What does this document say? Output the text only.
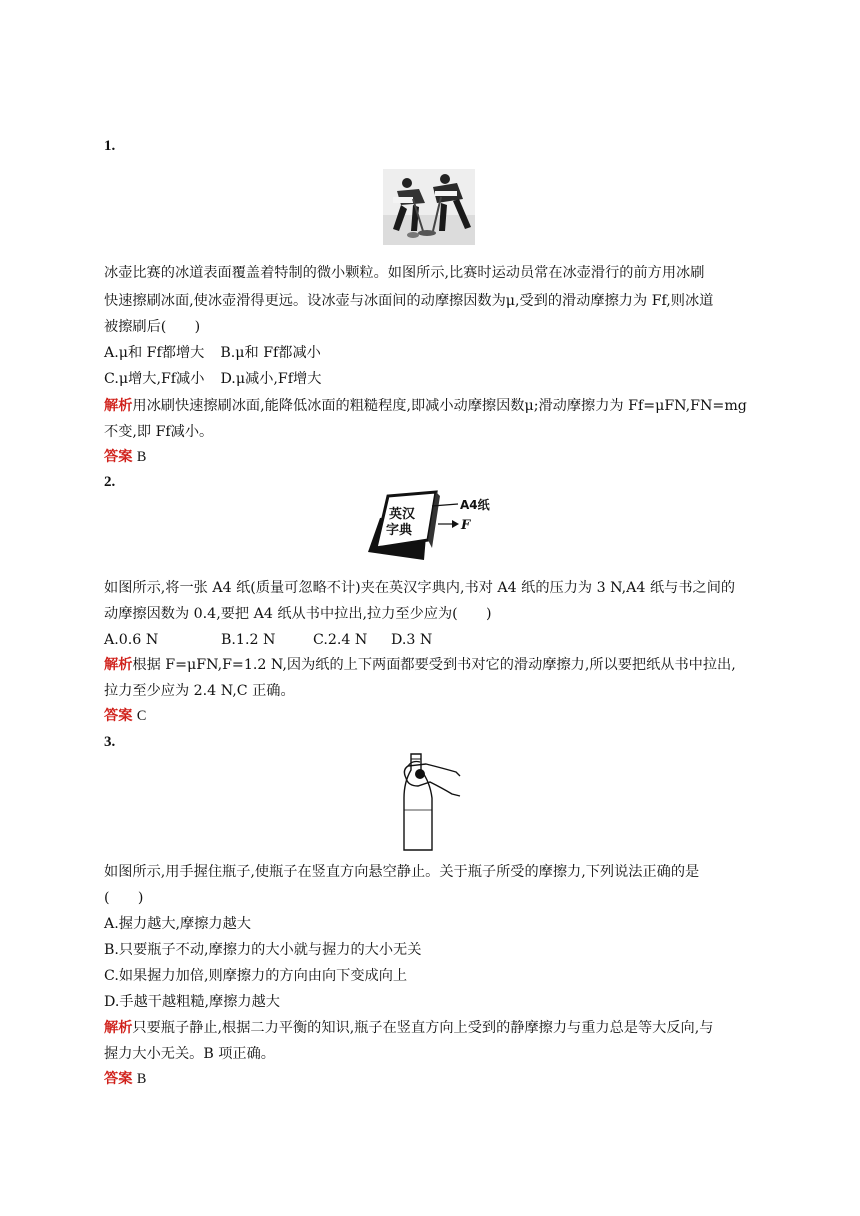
1.
冰壶比赛的冰道表面覆盖着特制的微小颗粒。如图所示,比赛时运动员常在冰壶滑行的前方用冰刷
快速擦刷冰面,使冰壶滑得更远。设冰壶与冰面间的动摩擦因数为μ,受到的滑动摩擦力为 Ff,则冰道
被擦刷后(　　)
A.μ和 Ff都增大 B.μ和 Ff都减小
C.μ增大,Ff减小 D.μ减小,Ff增大
解析用冰刷快速擦刷冰面,能降低冰面的粗糙程度,即减小动摩擦因数μ;滑动摩擦力为 Ff=μFN,FN=mg
不变,即 Ff减小。
答案 B
2.
英汉
字典
A4纸
F
如图所示,将一张 A4 纸(质量可忽略不计)夹在英汉字典内,书对 A4 纸的压力为 3 N,A4 纸与书之间的
动摩擦因数为 0.4,要把 A4 纸从书中拉出,拉力至少应为(　　)
A.0.6 N	B.1.2 N	C.2.4 N D.3 N
解析根据 F=μFN,F=1.2 N,因为纸的上下两面都要受到书对它的滑动摩擦力,所以要把纸从书中拉出,
拉力至少应为 2.4 N,C 正确。
答案 C
3.
如图所示,用手握住瓶子,使瓶子在竖直方向悬空静止。关于瓶子所受的摩擦力,下列说法正确的是
(　　)
A.握力越大,摩擦力越大
B.只要瓶子不动,摩擦力的大小就与握力的大小无关
C.如果握力加倍,则摩擦力的方向由向下变成向上
D.手越干越粗糙,摩擦力越大
解析只要瓶子静止,根据二力平衡的知识,瓶子在竖直方向上受到的静摩擦力与重力总是等大反向,与
握力大小无关。B 项正确。
答案 B
